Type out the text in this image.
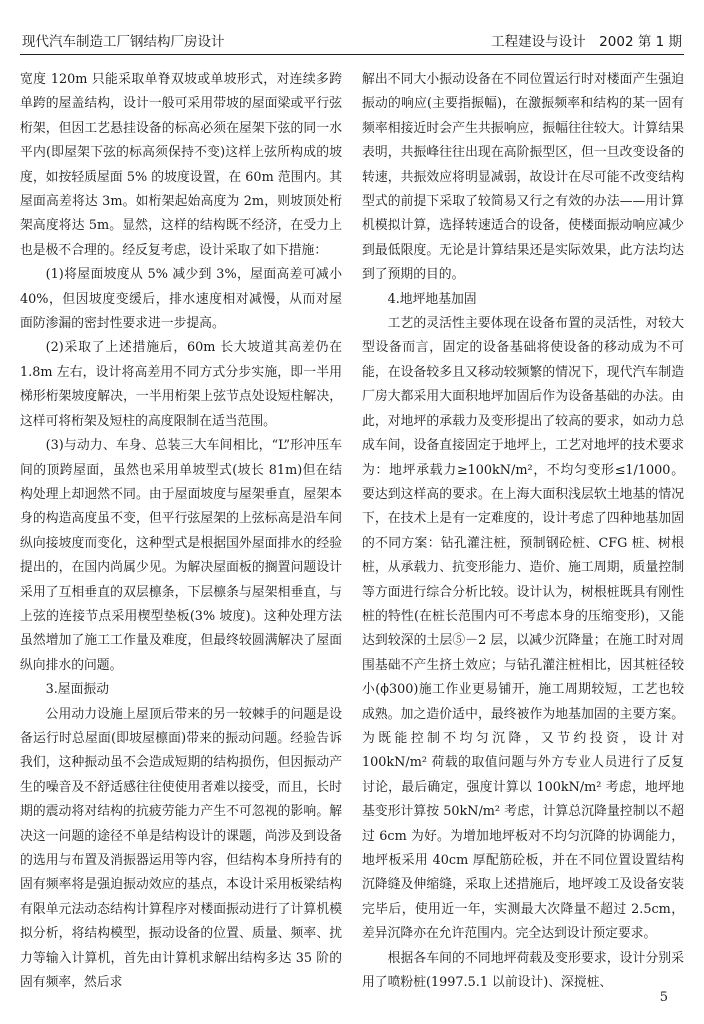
现代汽车制造工厂钢结构厂房设计	工程建设与设计　2002 第 1 期

宽度 120m 只能采取单脊双坡或单坡形式，对连续多跨单跨的屋盖结构，设计一般可采用带坡的屋面梁或平行弦桁架，但因工艺悬挂设备的标高必须在屋架下弦的同一水平内(即屋架下弦的标高须保持不变)这样上弦所构成的坡度，如按轻质屋面 5% 的坡度设置，在 60m 范围内。其屋面高差将达 3m。如桁架起始高度为 2m，则坡顶处桁架高度将达 5m。显然，这样的结构既不经济，在受力上也是极不合理的。经反复考虑，设计采取了如下措施：

(1)将屋面坡度从 5% 减少到 3%，屋面高差可减小 40%，但因坡度变缓后，排水速度相对减慢，从而对屋面防渗漏的密封性要求进一步提高。

(2)采取了上述措施后，60m 长大坡道其高差仍在 1.8m 左右，设计将高差用不同方式分步实施，即一半用梯形桁架坡度解决，一半用桁架上弦节点处设短柱解决，这样可将桁架及短柱的高度限制在适当范围。

(3)与动力、车身、总装三大车间相比，“L”形冲压车间的顶跨屋面，虽然也采用单坡型式(坡长 81m)但在结构处理上却迥然不同。由于屋面坡度与屋架垂直，屋架本身的构造高度虽不变，但平行弦屋架的上弦标高是沿车间纵向接坡度而变化，这种型式是根据国外屋面排水的经验提出的，在国内尚属少见。为解决屋面板的搁置问题设计采用了互相垂直的双层檩条，下层檩条与屋架相垂直，与上弦的连接节点采用楔型垫板(3% 坡度)。这种处理方法虽然增加了施工工作量及难度，但最终较圆满解决了屋面纵向排水的问题。

3.屋面振动

公用动力设施上屋顶后带来的另一较棘手的问题是设备运行时总屋面(即坡屋檩面)带来的振动问题。经验告诉我们，这种振动虽不会造成短期的结构损伤，但因振动产生的噪音及不舒适感往往使使用者难以接受，而且，长时期的震动将对结构的抗疲劳能力产生不可忽视的影响。解决这一问题的途径不单是结构设计的课题，尚涉及到设备的选用与布置及消振器运用等内容，但结构本身所持有的固有频率将是强迫振动效应的基点，本设计采用板梁结构有限单元法动态结构计算程序对楼面振动进行了计算机模拟分析，将结构模型，振动设备的位置、质量、频率、扰力等输入计算机，首先由计算机求解出结构多达 35 阶的固有频率，然后求

解出不同大小振动设备在不同位置运行时对楼面产生强迫振动的响应(主要指振幅)，在激振频率和结构的某一固有频率相接近时会产生共振响应，振幅往往较大。计算结果表明，共振峰往往出现在高阶振型区，但一旦改变设备的转速，共振效应将明显减弱，故设计在尽可能不改变结构型式的前提下采取了较简易又行之有效的办法——用计算机模拟计算，选择转速适合的设备，使楼面振动响应减少到最低限度。无论是计算结果还是实际效果，此方法均达到了预期的目的。

4.地坪地基加固

工艺的灵活性主要体现在设备布置的灵活性，对较大型设备而言，固定的设备基础将使设备的移动成为不可能，在设备较多且又移动较频繁的情况下，现代汽车制造厂房大都采用大面积地坪加固后作为设备基础的办法。由此，对地坪的承载力及变形提出了较高的要求，如动力总成车间，设备直接固定于地坪上，工艺对地坪的技术要求为：地坪承载力≥100kN/m²，不均匀变形≤1/1000。要达到这样高的要求。在上海大面积浅层软土地基的情况下，在技术上是有一定难度的，设计考虑了四种地基加固的不同方案：钻孔灌注桩，预制钢砼桩、CFG 桩、树根桩，从承载力、抗变形能力、造价、施工周期，质量控制等方面进行综合分析比较。设计认为，树根桩既具有刚性桩的特性(在桩长范围内可不考虑本身的压缩变形)，又能达到较深的土层⑤－2 层，以减少沉降量；在施工时对周围基础不产生挤土效应；与钻孔灌注桩相比，因其桩径较小(ϕ300)施工作业更易铺开，施工周期较短，工艺也较成熟。加之造价适中，最终被作为地基加固的主要方案。为既能控制不均匀沉降，又节约投资，设计对 100kN/m² 荷载的取值问题与外方专业人员进行了反复讨论，最后确定，强度计算以 100kN/m² 考虑，地坪地基变形计算按 50kN/m² 考虑，计算总沉降量控制以不超过 6cm 为好。为增加地坪板对不均匀沉降的协调能力，地坪板采用 40cm 厚配筋砼板，并在不同位置设置结构沉降缝及伸缩缝，采取上述措施后，地坪竣工及设备安装完毕后，使用近一年，实测最大次降量不超过 2.5cm，差异沉降亦在允许范围内。完全达到设计预定要求。

根据各车间的不同地坪荷载及变形要求，设计分别采用了喷粉桩(1997.5.1 以前设计)、深搅桩、

5
